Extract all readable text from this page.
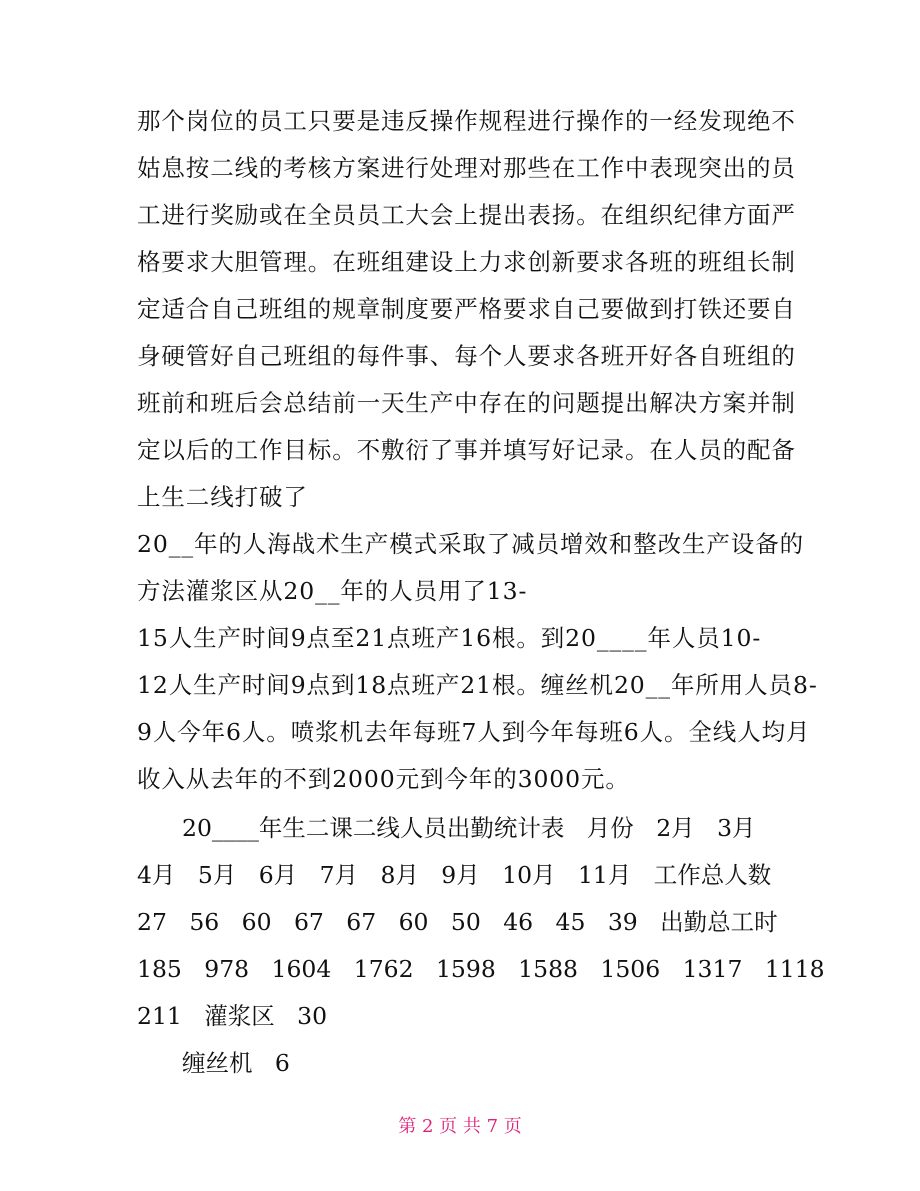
那个岗位的员工只要是违反操作规程进行操作的一经发现绝不
姑息按二线的考核方案进行处理对那些在工作中表现突出的员
工进行奖励或在全员员工大会上提出表扬。在组织纪律方面严
格要求大胆管理。在班组建设上力求创新要求各班的班组长制
定适合自己班组的规章制度要严格要求自己要做到打铁还要自
身硬管好自己班组的每件事、每个人要求各班开好各自班组的
班前和班后会总结前一天生产中存在的问题提出解决方案并制
定以后的工作目标。不敷衍了事并填写好记录。在人员的配备
上生二线打破了
20__年的人海战术生产模式采取了减员增效和整改生产设备的
方法灌浆区从20__年的人员用了13-
15人生产时间9点至21点班产16根。到20____年人员10-
12人生产时间9点到18点班产21根。缠丝机20__年所用人员8-
9人今年6人。喷浆机去年每班7人到今年每班6人。全线人均月
收入从去年的不到2000元到今年的3000元。
20____年生二课二线人员出勤统计表   月份   2月   3月
4月   5月   6月   7月   8月   9月   10月   11月   工作总人数
27   56   60   67   67   60   50   46   45   39   出勤总工时
185   978   1604   1762   1598   1588   1506   1317   1118
211   灌浆区   30
缠丝机   6
第 2 页 共 7 页
